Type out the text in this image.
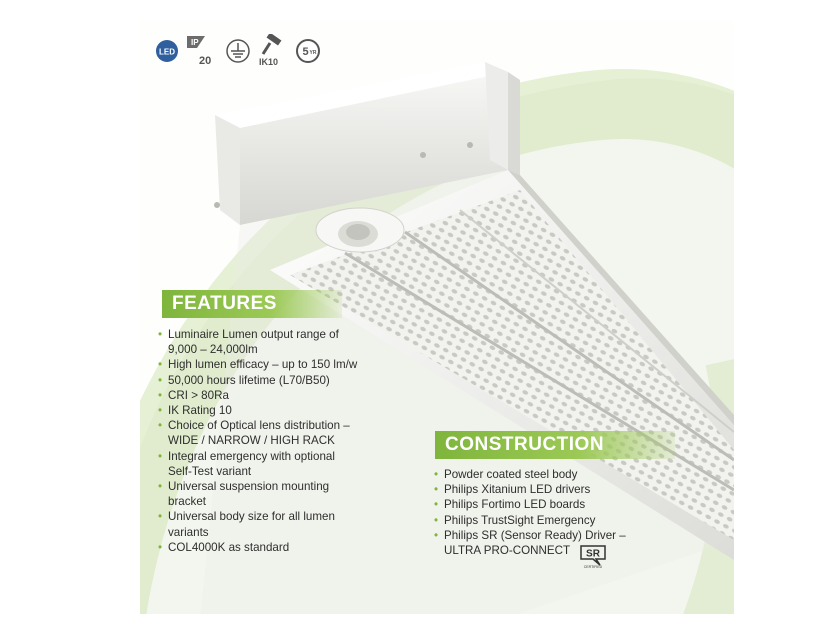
LED
IP
20	IK10
5 YR
FEATURES
• Luminaire Lumen output range of
9,000 – 24,000lm
• High lumen efficacy – up to 150 lm/w
• 50,000 hours lifetime (L70/B50)
• CRI > 80Ra
• IK Rating 10
• Choice of Optical lens distribution –
WIDE / NARROW / HIGH RACK
• Integral emergency with optional
Self-Test variant
• Universal suspension mounting
bracket
• Universal body size for all lumen
variants
• COL4000K as standard
CONSTRUCTION
• Powder coated steel body
• Philips Xitanium LED drivers
• Philips Fortimo LED boards
• Philips TrustSight Emergency
• Philips SR (Sensor Ready) Driver –
ULTRA PRO-CONNECT	SR
CERTIFIED
